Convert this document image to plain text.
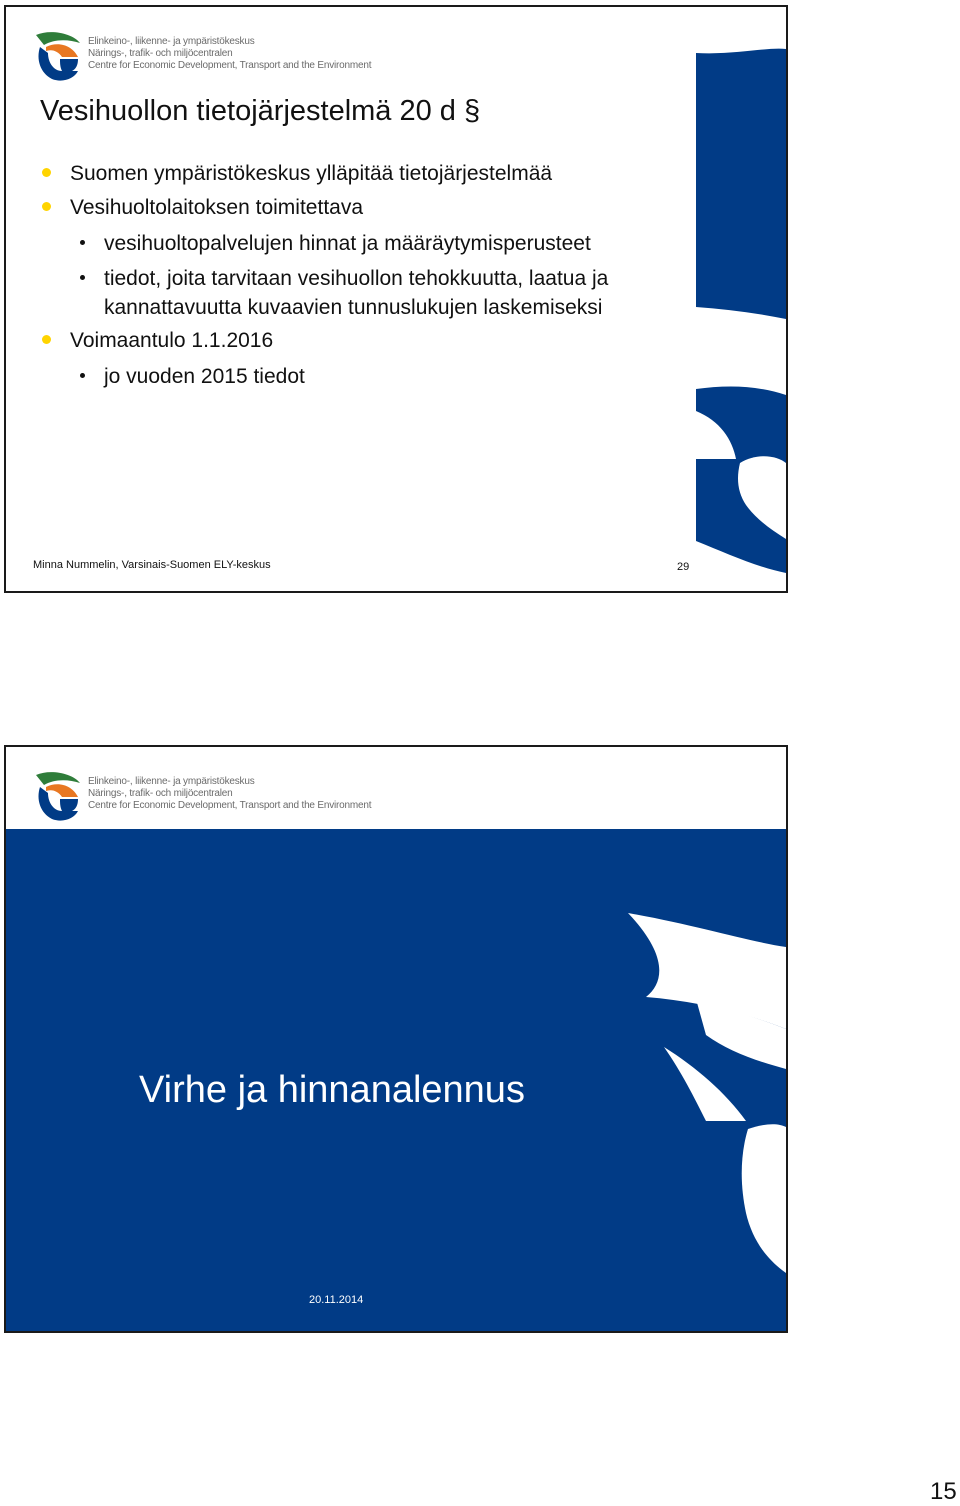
Elinkeino-, liikenne- ja ympäristökeskus
Närings-, trafik- och miljöcentralen
Centre for Economic Development, Transport and the Environment
Vesihuollon tietojärjestelmä 20 d §
Suomen ympäristökeskus ylläpitää tietojärjestelmää
Vesihuoltolaitoksen toimitettava
vesihuoltopalvelujen hinnat ja määräytymisperusteet
tiedot, joita tarvitaan vesihuollon tehokkuutta, laatua ja kannattavuutta kuvaavien tunnuslukujen laskemiseksi
Voimaantulo 1.1.2016
jo vuoden 2015 tiedot
Minna Nummelin, Varsinais-Suomen ELY-keskus	29
Elinkeino-, liikenne- ja ympäristökeskus
Närings-, trafik- och miljöcentralen
Centre for Economic Development, Transport and the Environment
Virhe ja hinnanalennus
20.11.2014
15
